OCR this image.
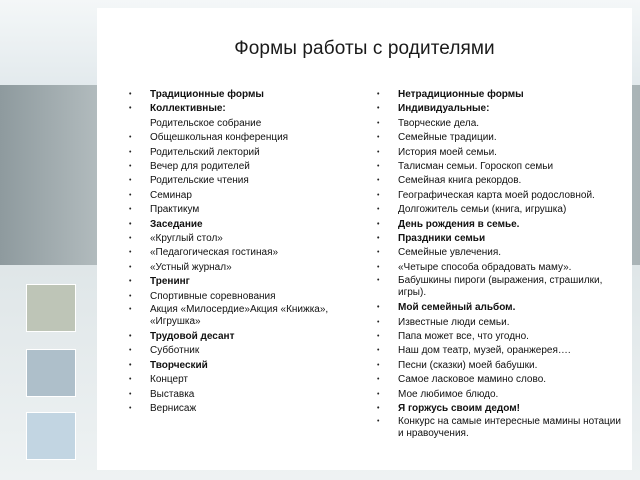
Формы работы с родителями
• Традиционные формы
• Коллективные:
Родительское собрание
• Общешкольная конференция
• Родительский лекторий
• Вечер для родителей
• Родительские чтения
• Семинар
• Практикум
• Заседание
• «Круглый стол»
• «Педагогическая гостиная»
• «Устный журнал»
• Тренинг
• Спортивные соревнования
• Акция «Милосердие»Акция «Книжка», «Игрушка»
• Трудовой десант
• Субботник
• Творческий
• Концерт
• Выставка
• Вернисаж
• Нетрадиционные формы
• Индивидуальные:
• Творческие дела.
• Семейные традиции.
• История моей семьи.
• Талисман семьи. Гороскоп семьи
• Семейная книга рекордов.
• Географическая карта моей родословной.
• Долгожитель семьи (книга, игрушка)
• День рождения в семье.
• Праздники семьи
• Семейные увлечения.
• «Четыре способа обрадовать маму».
• Бабушкины пироги (выражения, страшилки, игры).
• Мой семейный альбом.
• Известные люди семьи.
• Папа может все, что угодно.
• Наш дом театр, музей, оранжерея….
• Песни (сказки) моей бабушки.
• Самое ласковое мамино слово.
• Мое любимое блюдо.
• Я горжусь своим дедом!
• Конкурс на самые интересные мамины нотации и нравоучения.
